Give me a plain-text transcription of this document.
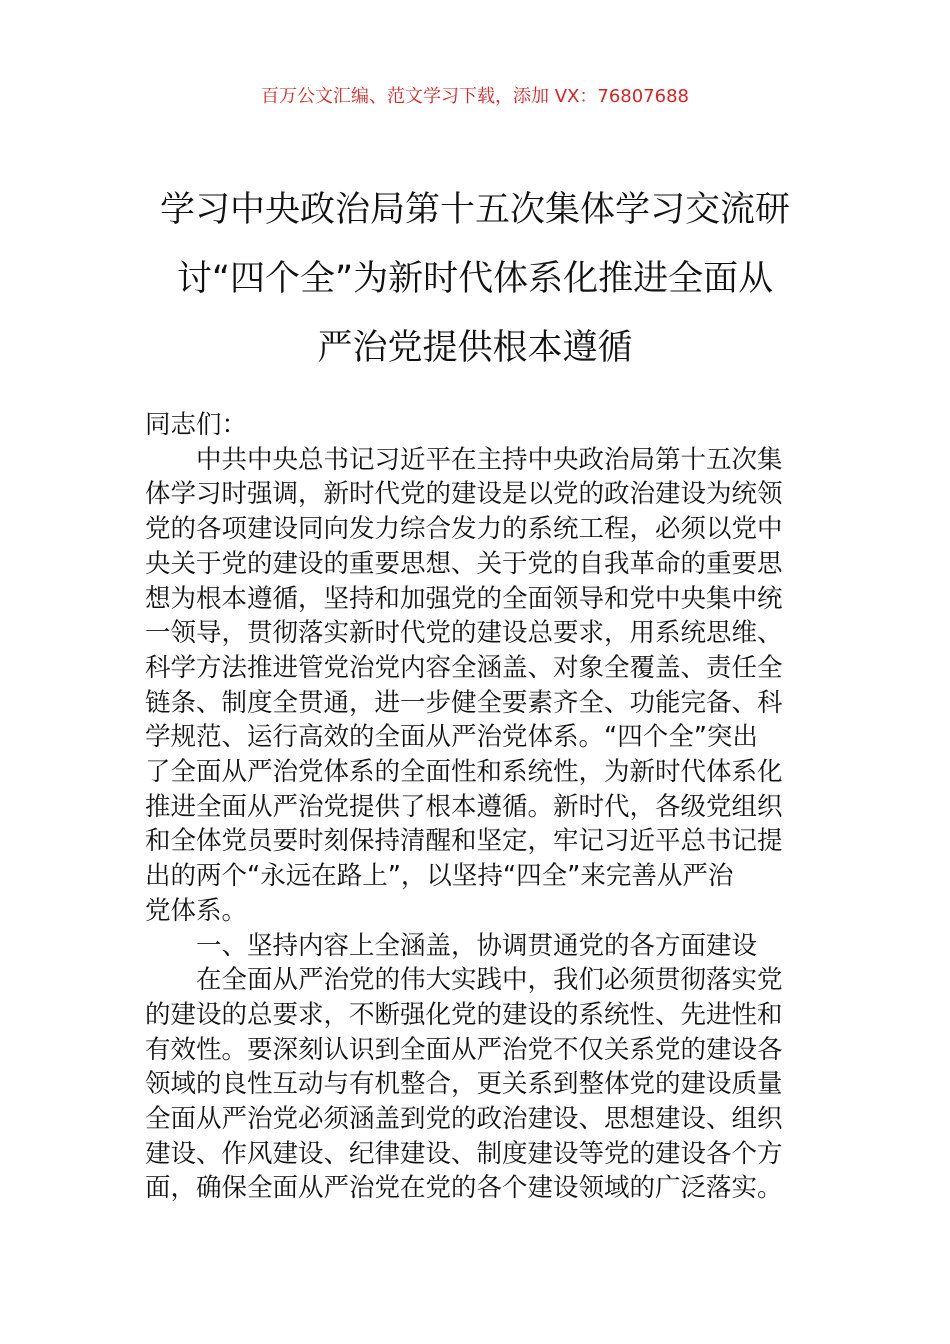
百万公文汇编、范文学习下载，添加 VX：76807688
学习中央政治局第十五次集体学习交流研
讨“四个全”为新时代体系化推进全面从
严治党提供根本遵循
同志们：
中共中央总书记习近平在主持中央政治局第十五次集
体学习时强调，新时代党的建设是以党的政治建设为统领
党的各项建设同向发力综合发力的系统工程，必须以党中
央关于党的建设的重要思想、关于党的自我革命的重要思
想为根本遵循，坚持和加强党的全面领导和党中央集中统
一领导，贯彻落实新时代党的建设总要求，用系统思维、
科学方法推进管党治党内容全涵盖、对象全覆盖、责任全
链条、制度全贯通，进一步健全要素齐全、功能完备、科
学规范、运行高效的全面从严治党体系。“四个全”突出
了全面从严治党体系的全面性和系统性，为新时代体系化
推进全面从严治党提供了根本遵循。新时代，各级党组织
和全体党员要时刻保持清醒和坚定，牢记习近平总书记提
出的两个“永远在路上”，以坚持“四全”来完善从严治
党体系。
一、坚持内容上全涵盖，协调贯通党的各方面建设
在全面从严治党的伟大实践中，我们必须贯彻落实党
的建设的总要求，不断强化党的建设的系统性、先进性和
有效性。要深刻认识到全面从严治党不仅关系党的建设各
领域的良性互动与有机整合，更关系到整体党的建设质量
全面从严治党必须涵盖到党的政治建设、思想建设、组织
建设、作风建设、纪律建设、制度建设等党的建设各个方
面，确保全面从严治党在党的各个建设领域的广泛落实。
